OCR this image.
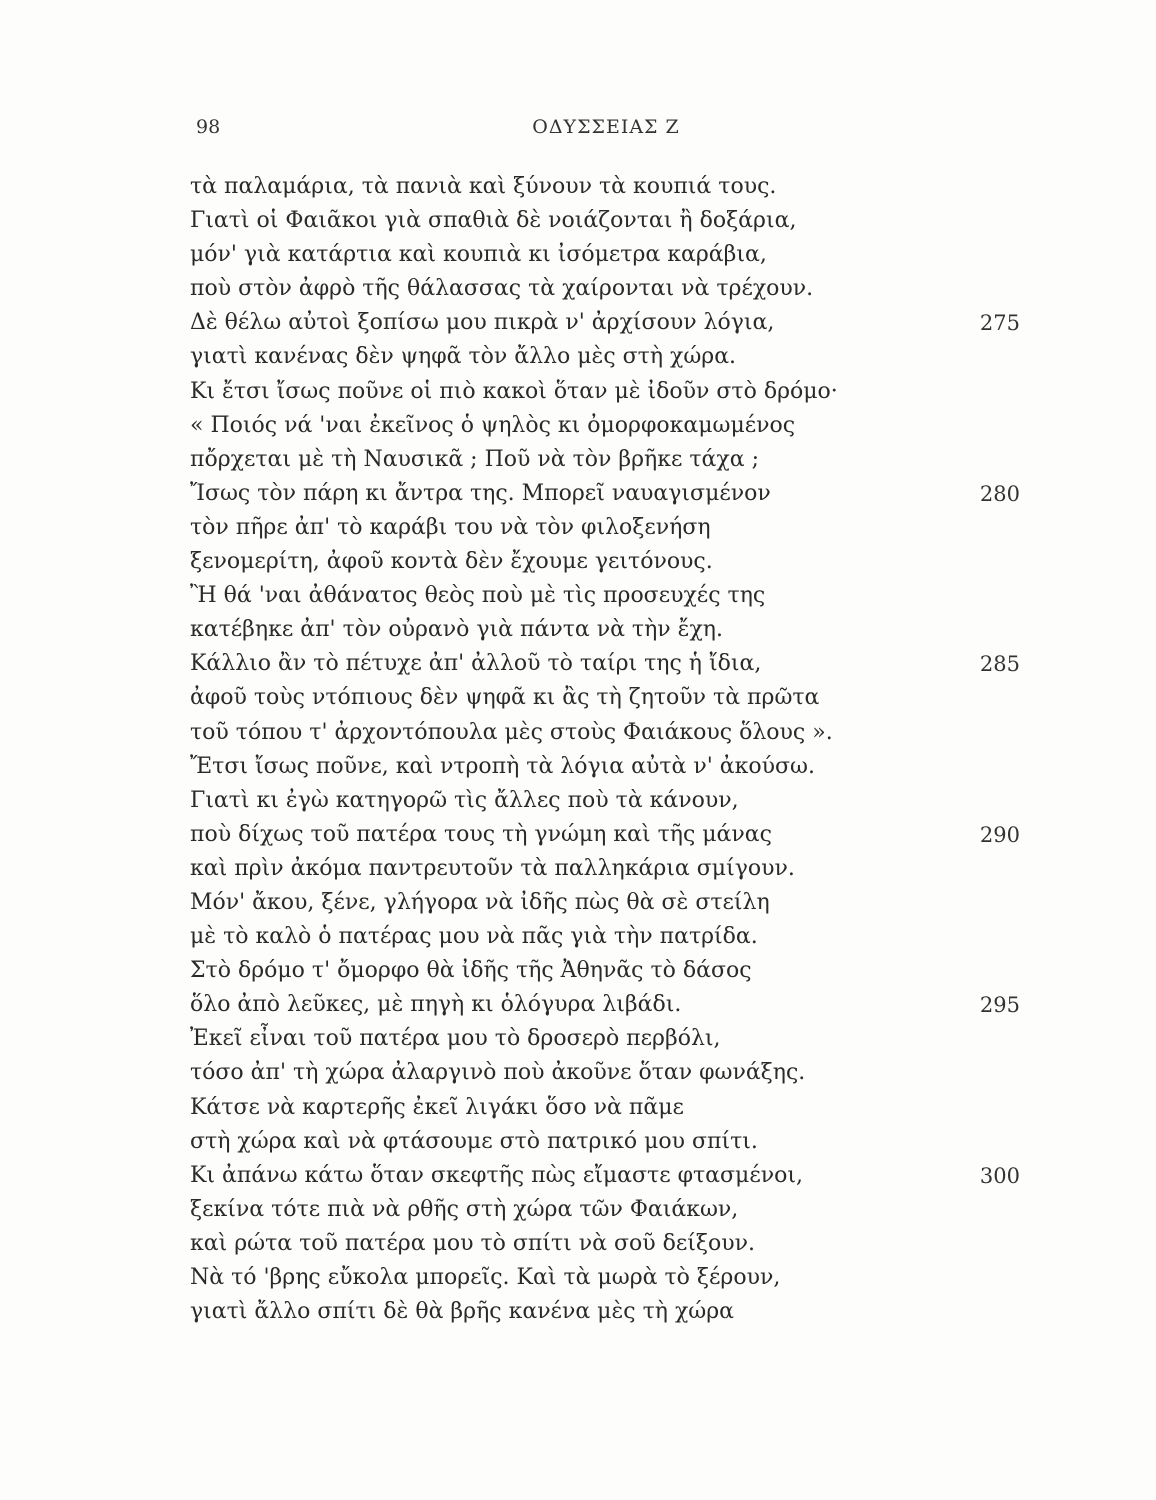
98	ΟΔΥΣΣΕΙΑΣ Ζ
τὰ παλαμάρια, τὰ πανιὰ καὶ ξύνουν τὰ κουπιά τους.
Γιατὶ οἱ Φαιᾶκοι γιὰ σπαθιὰ δὲ νοιάζονται ἢ δοξάρια,
μόν' γιὰ κατάρτια καὶ κουπιὰ κι ἰσόμετρα καράβια,
ποὺ στὸν ἀφρὸ τῆς θάλασσας τὰ χαίρονται νὰ τρέχουν.
Δὲ θέλω αὐτοὶ ξοπίσω μου πικρὰ ν' ἀρχίσουν λόγια,	275
γιατὶ κανένας δὲν ψηφᾶ τὸν ἄλλο μὲς στὴ χώρα.
Κι ἔτσι ἴσως ποῦνε οἱ πιὸ κακοὶ ὅταν μὲ ἰδοῦν στὸ δρόμο·
« Ποιός νά 'ναι ἐκεῖνος ὁ ψηλὸς κι ὀμορφοκαμωμένος
πὄρχεται μὲ τὴ Ναυσικᾶ ; Ποῦ νὰ τὸν βρῆκε τάχα ;
Ἴσως τὸν πάρη κι ἄντρα της. Μπορεῖ ναυαγισμένον	280
τὸν πῆρε ἀπ' τὸ καράβι του νὰ τὸν φιλοξενήση
ξενομερίτη, ἀφοῦ κοντὰ δὲν ἔχουμε γειτόνους.
Ἢ θά 'ναι ἀθάνατος θεὸς ποὺ μὲ τὶς προσευχές της
κατέβηκε ἀπ' τὸν οὐρανὸ γιὰ πάντα νὰ τὴν ἔχη.
Κάλλιο ἂν τὸ πέτυχε ἀπ' ἀλλοῦ τὸ ταίρι της ἡ ἴδια,	285
ἀφοῦ τοὺς ντόπιους δὲν ψηφᾶ κι ἂς τὴ ζητοῦν τὰ πρῶτα
τοῦ τόπου τ' ἀρχοντόπουλα μὲς στοὺς Φαιάκους ὅλους ».
Ἔτσι ἴσως ποῦνε, καὶ ντροπὴ τὰ λόγια αὐτὰ ν' ἀκούσω.
Γιατὶ κι ἐγὼ κατηγορῶ τὶς ἄλλες ποὺ τὰ κάνουν,
ποὺ δίχως τοῦ πατέρα τους τὴ γνώμη καὶ τῆς μάνας	290
καὶ πρὶν ἀκόμα παντρευτοῦν τὰ παλληκάρια σμίγουν.
Μόν' ἄκου, ξένε, γλήγορα νὰ ἰδῆς πὼς θὰ σὲ στείλη
μὲ τὸ καλὸ ὁ πατέρας μου νὰ πᾶς γιὰ τὴν πατρίδα.
Στὸ δρόμο τ' ὄμορφο θὰ ἰδῆς τῆς Ἀθηνᾶς τὸ δάσος
ὅλο ἀπὸ λεῦκες, μὲ πηγὴ κι ὁλόγυρα λιβάδι.	295
Ἐκεῖ εἶναι τοῦ πατέρα μου τὸ δροσερὸ περβόλι,
τόσο ἀπ' τὴ χώρα ἀλαργινὸ ποὺ ἀκοῦνε ὅταν φωνάξης.
Κάτσε νὰ καρτερῆς ἐκεῖ λιγάκι ὅσο νὰ πᾶμε
στὴ χώρα καὶ νὰ φτάσουμε στὸ πατρικό μου σπίτι.
Κι ἀπάνω κάτω ὅταν σκεφτῆς πὼς εἴμαστε φτασμένοι,	300
ξεκίνα τότε πιὰ νὰ ρθῆς στὴ χώρα τῶν Φαιάκων,
καὶ ρώτα τοῦ πατέρα μου τὸ σπίτι νὰ σοῦ δείξουν.
Νὰ τό 'βρης εὔκολα μπορεῖς. Καὶ τὰ μωρὰ τὸ ξέρουν,
γιατὶ ἄλλο σπίτι δὲ θὰ βρῆς κανένα μὲς τὴ χώρα
